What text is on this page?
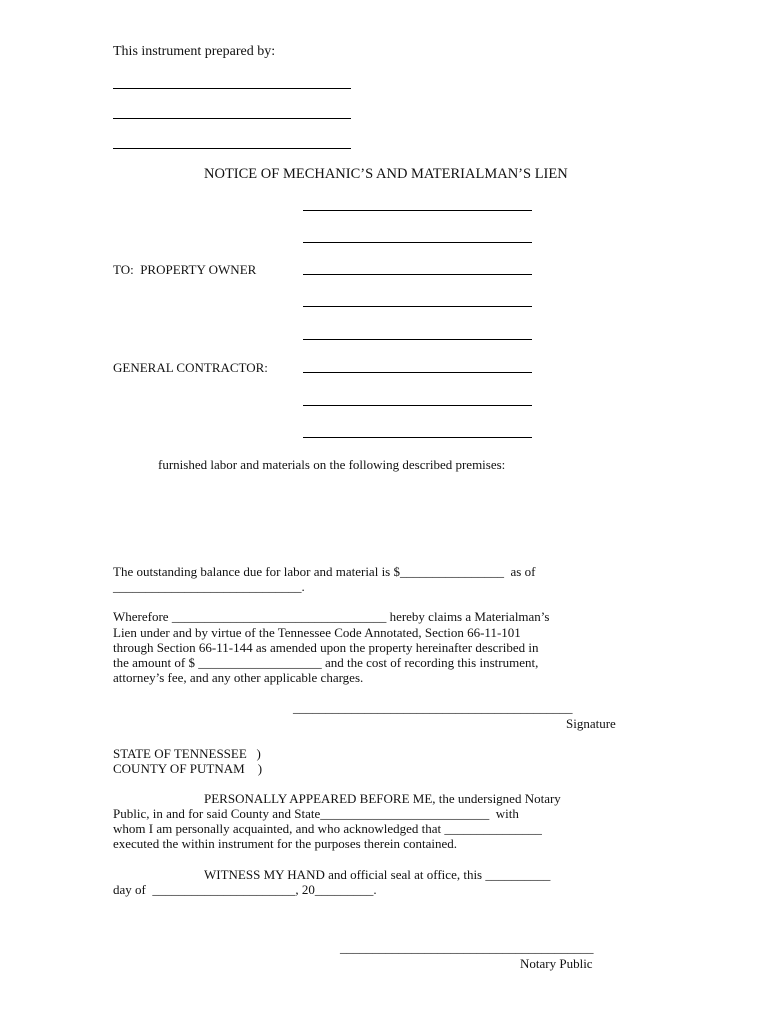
This instrument prepared by:
NOTICE OF MECHANIC’S AND MATERIALMAN’S LIEN
TO:  PROPERTY OWNER
GENERAL CONTRACTOR:
furnished labor and materials on the following described premises:
The outstanding balance due for labor and material is $________________  as of
_____________________________.
Wherefore _________________________________ hereby claims a Materialman’s
Lien under and by virtue of the Tennessee Code Annotated, Section 66-11-101
through Section 66-11-144 as amended upon the property hereinafter described in
the amount of $ ___________________ and the cost of recording this instrument,
attorney’s fee, and any other applicable charges.
___________________________________________
Signature
STATE OF TENNESSEE   )
COUNTY OF PUTNAM    )
PERSONALLY APPEARED BEFORE ME, the undersigned Notary
Public, in and for said County and State__________________________  with
whom I am personally acquainted, and who acknowledged that _______________
executed the within instrument for the purposes therein contained.
WITNESS MY HAND and official seal at office, this __________
day of  ______________________, 20_________.
_______________________________________
Notary Public
